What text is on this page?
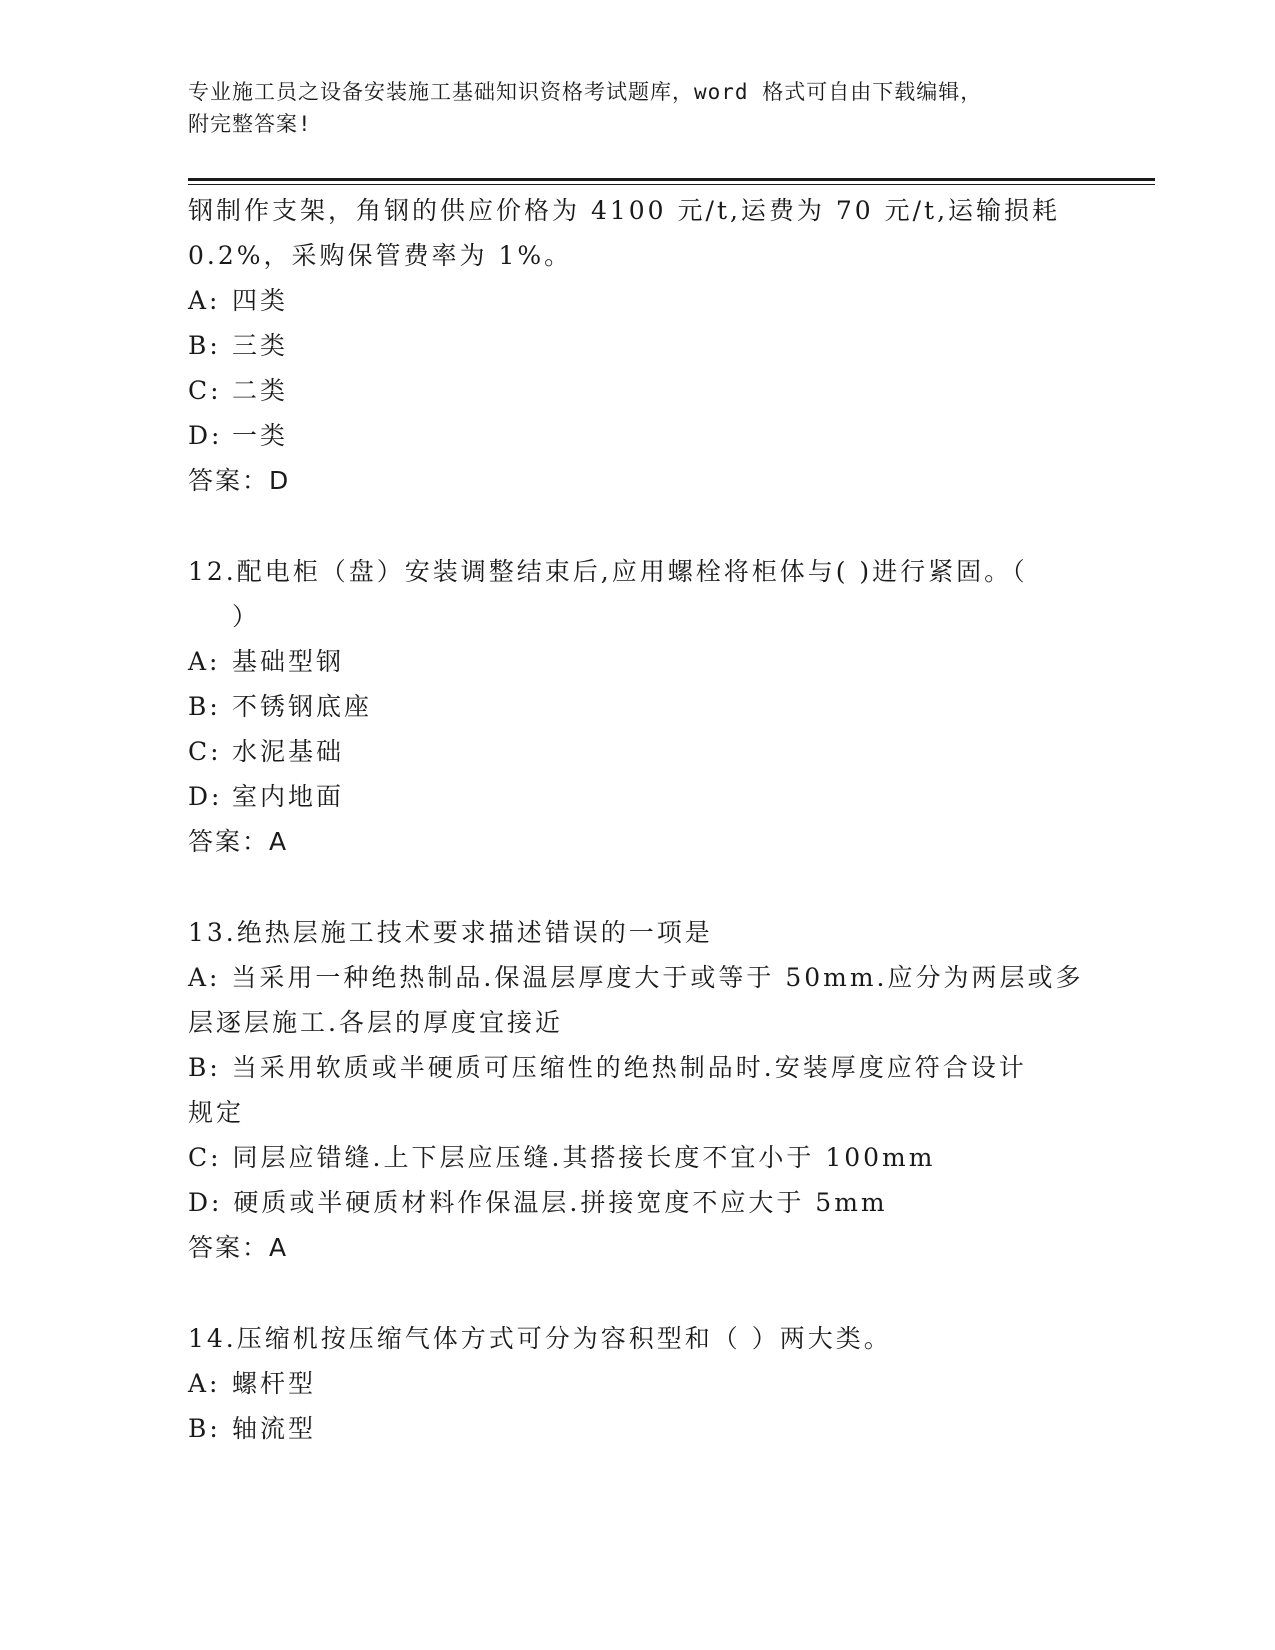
专业施工员之设备安装施工基础知识资格考试题库，word 格式可自由下载编辑，
附完整答案!
钢制作支架，角钢的供应价格为 4100 元/t,运费为 70 元/t,运输损耗
0.2%，采购保管费率为 1%。
A: 四类
B: 三类
C: 二类
D: 一类
答案：D
12.配电柜（盘）安装调整结束后,应用螺栓将柜体与( )进行紧固。（
）
A: 基础型钢
B: 不锈钢底座
C: 水泥基础
D: 室内地面
答案：A
13.绝热层施工技术要求描述错误的一项是
A: 当采用一种绝热制品.保温层厚度大于或等于 50mm.应分为两层或多
层逐层施工.各层的厚度宜接近
B: 当采用软质或半硬质可压缩性的绝热制品时.安装厚度应符合设计
规定
C: 同层应错缝.上下层应压缝.其搭接长度不宜小于 100mm
D: 硬质或半硬质材料作保温层.拼接宽度不应大于 5mm
答案：A
14.压缩机按压缩气体方式可分为容积型和（ ）两大类。
A: 螺杆型
B: 轴流型
